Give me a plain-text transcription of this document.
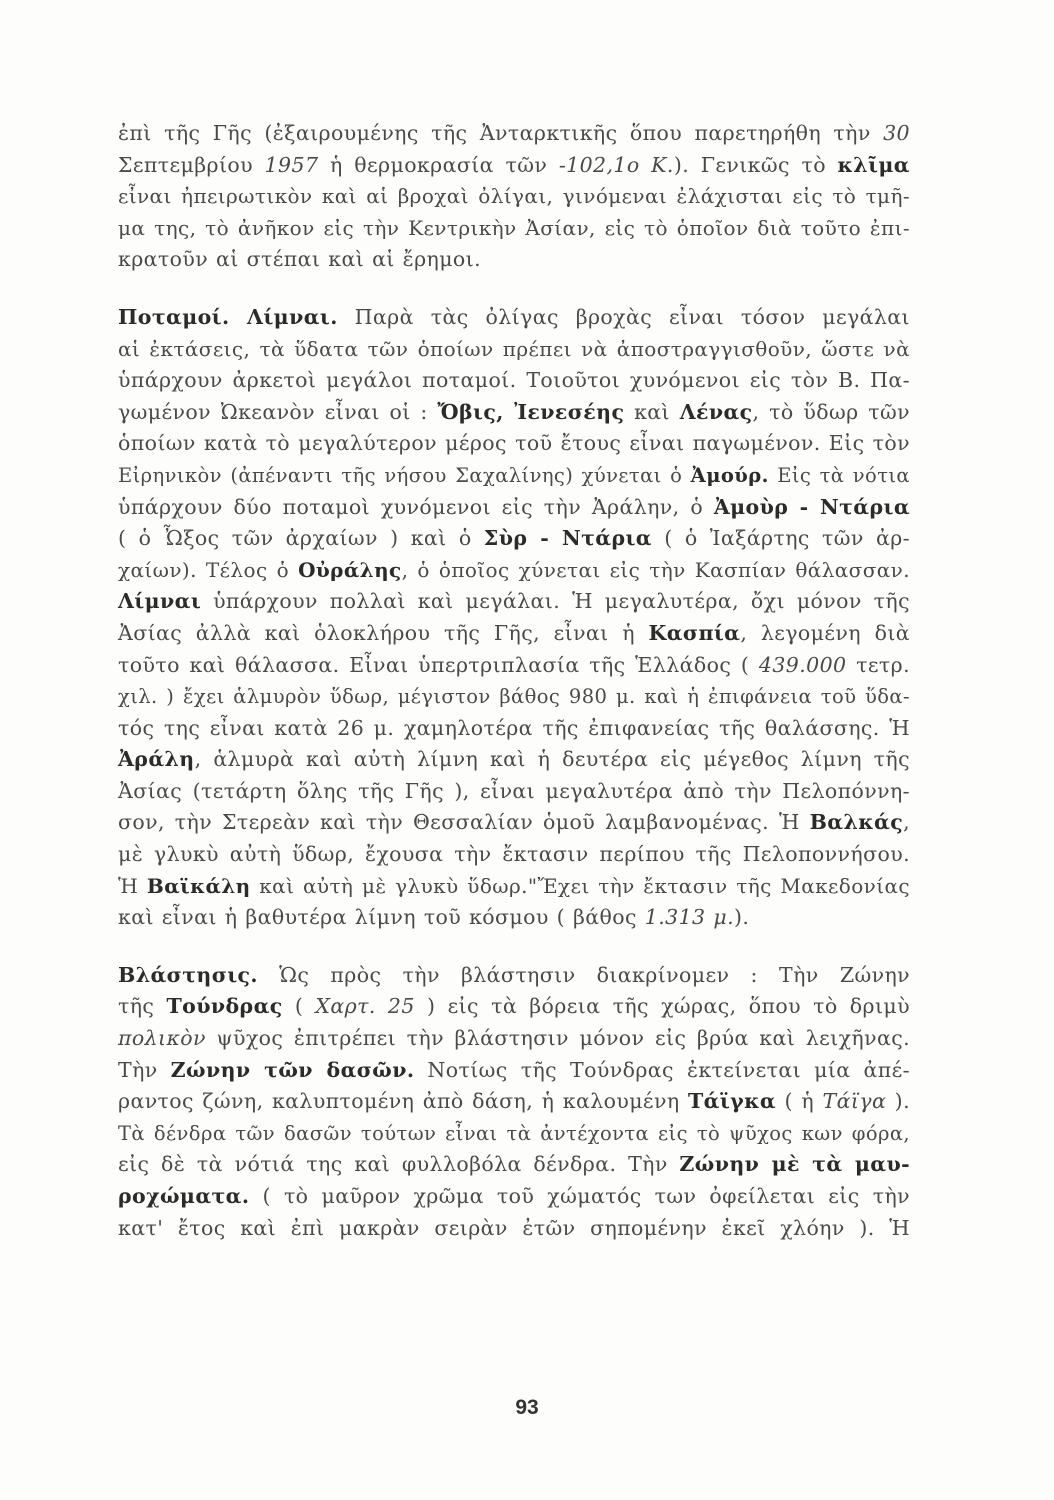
ἐπὶ τῆς Γῆς (ἐξαιρουμένης τῆς Ἀνταρκτικῆς ὅπου παρετηρήθη τὴν 30
Σεπτεμβρίου 1957 ἡ θερμοκρασία τῶν -102,1ο Κ.). Γενικῶς τὸ κλῖμα
εἶναι ἠπειρωτικὸν καὶ αἱ βροχαὶ ὀλίγαι, γινόμεναι ἐλάχισται εἰς τὸ τμῆ-
μα της, τὸ ἀνῆκον εἰς τὴν Κεντρικὴν Ἀσίαν, εἰς τὸ ὁποῖον διὰ τοῦτο ἐπι-
κρατοῦν αἱ στέπαι καὶ αἱ ἔρημοι.
Ποταμοί. Λίμναι. Παρὰ τὰς ὀλίγας βροχὰς εἶναι τόσον μεγάλαι
αἱ ἐκτάσεις, τὰ ὕδατα τῶν ὁποίων πρέπει νὰ ἀποστραγγισθοῦν, ὥστε νὰ
ὑπάρχουν ἀρκετοὶ μεγάλοι ποταμοί. Τοιοῦτοι χυνόμενοι εἰς τὸν Β. Πα-
γωμένον Ὠκεανὸν εἶναι οἱ : Ὄβις, Ἰενεσέης καὶ Λένας, τὸ ὕδωρ τῶν
ὁποίων κατὰ τὸ μεγαλύτερον μέρος τοῦ ἔτους εἶναι παγωμένον. Εἰς τὸν
Εἰρηνικὸν (ἀπέναντι τῆς νήσου Σαχαλίνης) χύνεται ὁ Ἀμούρ. Εἰς τὰ νότια
ὑπάρχουν δύο ποταμοὶ χυνόμενοι εἰς τὴν Ἀράλην, ὁ Ἀμοὺρ - Ντάρια
( ὁ Ὦξος τῶν ἀρχαίων ) καὶ ὁ Σὺρ - Ντάρια ( ὁ Ἰαξάρτης τῶν ἀρ-
χαίων). Τέλος ὁ Οὐράλης, ὁ ὁποῖος χύνεται εἰς τὴν Κασπίαν θάλασσαν.
Λίμναι ὑπάρχουν πολλαὶ καὶ μεγάλαι. Ἡ μεγαλυτέρα, ὄχι μόνον τῆς
Ἀσίας ἀλλὰ καὶ ὁλοκλήρου τῆς Γῆς, εἶναι ἡ Κασπία, λεγομένη διὰ
τοῦτο καὶ θάλασσα. Εἶναι ὑπερτριπλασία τῆς Ἑλλάδος ( 439.000 τετρ.
χιλ. ) ἔχει ἁλμυρὸν ὕδωρ, μέγιστον βάθος 980 μ. καὶ ἡ ἐπιφάνεια τοῦ ὕδα-
τός της εἶναι κατὰ 26 μ. χαμηλοτέρα τῆς ἐπιφανείας τῆς θαλάσσης. Ἡ
Ἀράλη, ἁλμυρὰ καὶ αὐτὴ λίμνη καὶ ἡ δευτέρα εἰς μέγεθος λίμνη τῆς
Ἀσίας (τετάρτη ὅλης τῆς Γῆς ), εἶναι μεγαλυτέρα ἀπὸ τὴν Πελοπόννη-
σον, τὴν Στερεὰν καὶ τὴν Θεσσαλίαν ὁμοῦ λαμβανομένας. Ἡ Βαλκάς,
μὲ γλυκὺ αὐτὴ ὕδωρ, ἔχουσα τὴν ἔκτασιν περίπου τῆς Πελοποννήσου.
Ἡ Βαϊκάλη καὶ αὐτὴ μὲ γλυκὺ ὕδωρ."Ἔχει τὴν ἔκτασιν τῆς Μακεδονίας
καὶ εἶναι ἡ βαθυτέρα λίμνη τοῦ κόσμου ( βάθος 1.313 μ.).
Βλάστησις. Ὡς πρὸς τὴν βλάστησιν διακρίνομεν : Τὴν Ζώνην
τῆς Τούνδρας ( Χαρτ. 25 ) εἰς τὰ βόρεια τῆς χώρας, ὅπου τὸ δριμὺ
πολικὸν ψῦχος ἐπιτρέπει τὴν βλάστησιν μόνον εἰς βρύα καὶ λειχῆνας.
Τὴν Ζώνην τῶν δασῶν. Νοτίως τῆς Τούνδρας ἐκτείνεται μία ἀπέ-
ραντος ζώνη, καλυπτομένη ἀπὸ δάση, ἡ καλουμένη Τάϊγκα ( ἡ Τάϊγα ).
Τὰ δένδρα τῶν δασῶν τούτων εἶναι τὰ ἀντέχοντα εἰς τὸ ψῦχος κων φόρα,
εἰς δὲ τὰ νότιά της καὶ φυλλοβόλα δένδρα. Τὴν Ζώνην μὲ τὰ μαυ-
ροχώματα. ( τὸ μαῦρον χρῶμα τοῦ χώματός των ὀφείλεται εἰς τὴν
κατ' ἔτος καὶ ἐπὶ μακρὰν σειρὰν ἐτῶν σηπομένην ἐκεῖ χλόην ). Ἡ
93
